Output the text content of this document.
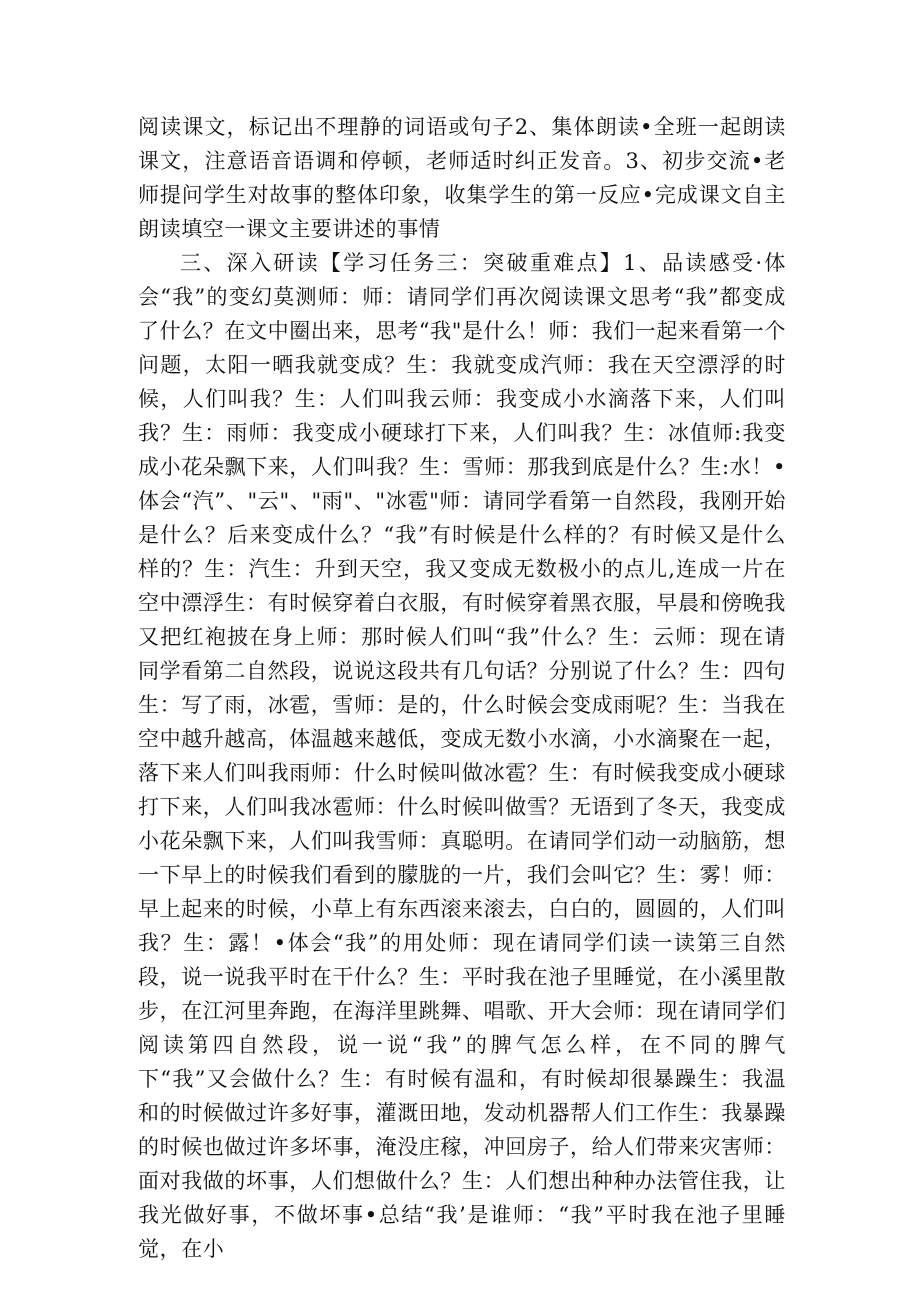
阅读课文，标记出不理静的词语或句子2、集体朗读•全班一起朗读课文，注意语音语调和停顿，老师适时纠正发音。3、初步交流•老师提问学生对故事的整体印象，收集学生的第一反应•完成课文自主朗读填空一课文主要讲述的事情

三、深入研读【学习任务三：突破重难点】1、品读感受·体会“我”的变幻莫测师：师：请同学们再次阅读课文思考“我”都变成了什么？在文中圈出来，思考“我"是什么！师：我们一起来看第一个问题，太阳一晒我就变成？生：我就变成汽师：我在天空漂浮的时候，人们叫我？生：人们叫我云师：我变成小水滴落下来，人们叫我？生：雨师：我变成小硬球打下来，人们叫我？生：冰值师:我变成小花朵飘下来，人们叫我？生：雪师：那我到底是什么？生:水！•体会“汽”、"云"、"雨"、"冰雹"师：请同学看第一自然段，我刚开始是什么？后来变成什么？“我”有时候是什么样的？有时候又是什么样的？生：汽生：升到天空，我又变成无数极小的点儿,连成一片在空中漂浮生：有时候穿着白衣服，有时候穿着黑衣服，早晨和傍晚我又把红袍披在身上师：那时候人们叫“我”什么？生：云师：现在请同学看第二自然段，说说这段共有几句话？分别说了什么？生：四句生：写了雨，冰雹，雪师：是的，什么时候会变成雨呢？生：当我在空中越升越高，体温越来越低，变成无数小水滴，小水滴聚在一起，落下来人们叫我雨师：什么时候叫做冰雹？生：有时候我变成小硬球打下来，人们叫我冰雹师：什么时候叫做雪？无语到了冬天，我变成小花朵飘下来，人们叫我雪师：真聪明。在请同学们动一动脑筋，想一下早上的时候我们看到的朦胧的一片，我们会叫它？生：雾！师：早上起来的时候，小草上有东西滚来滚去，白白的，圆圆的，人们叫我？生：露！•体会“我”的用处师：现在请同学们读一读第三自然段，说一说我平时在干什么？生：平时我在池子里睡觉，在小溪里散步，在江河里奔跑，在海洋里跳舞、唱歌、开大会师：现在请同学们阅读第四自然段，说一说“我”的脾气怎么样，在不同的脾气下“我”又会做什么？生：有时候有温和，有时候却很暴躁生：我温和的时候做过许多好事，灌溉田地，发动机器帮人们工作生：我暴躁的时候也做过许多坏事，淹没庄稼，冲回房子，给人们带来灾害师：面对我做的坏事，人们想做什么？生：人们想出种种办法管住我，让我光做好事，不做坏事•总结“我’是谁师：“我”平时我在池子里睡觉，在小
